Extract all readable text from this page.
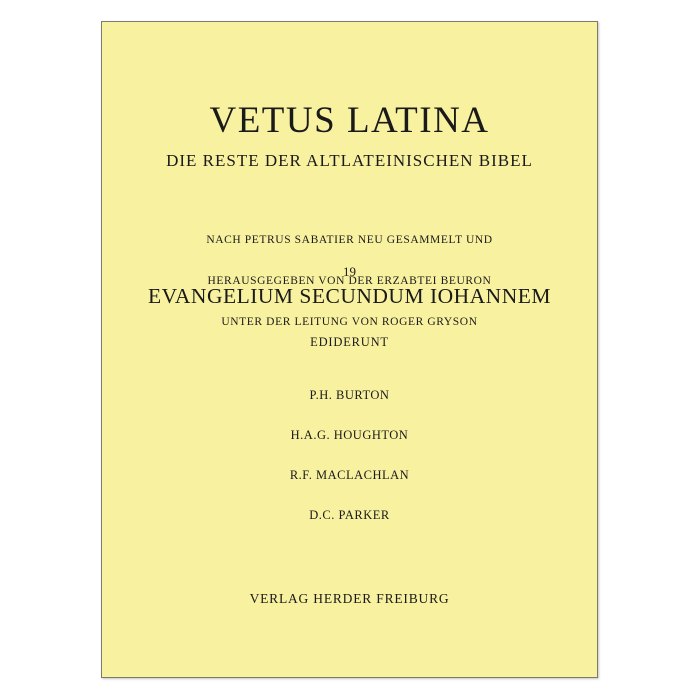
VETUS LATINA
DIE RESTE DER ALTLATEINISCHEN BIBEL

NACH PETRUS SABATIER NEU GESAMMELT UND

HERAUSGEGEBEN VON DER ERZABTEI BEURON

UNTER DER LEITUNG VON ROGER GRYSON

19
EVANGELIUM SECUNDUM IOHANNEM
EDIDERUNT

P.H. BURTON

H.A.G. HOUGHTON

R.F. MACLACHLAN

D.C. PARKER

VERLAG HERDER FREIBURG
